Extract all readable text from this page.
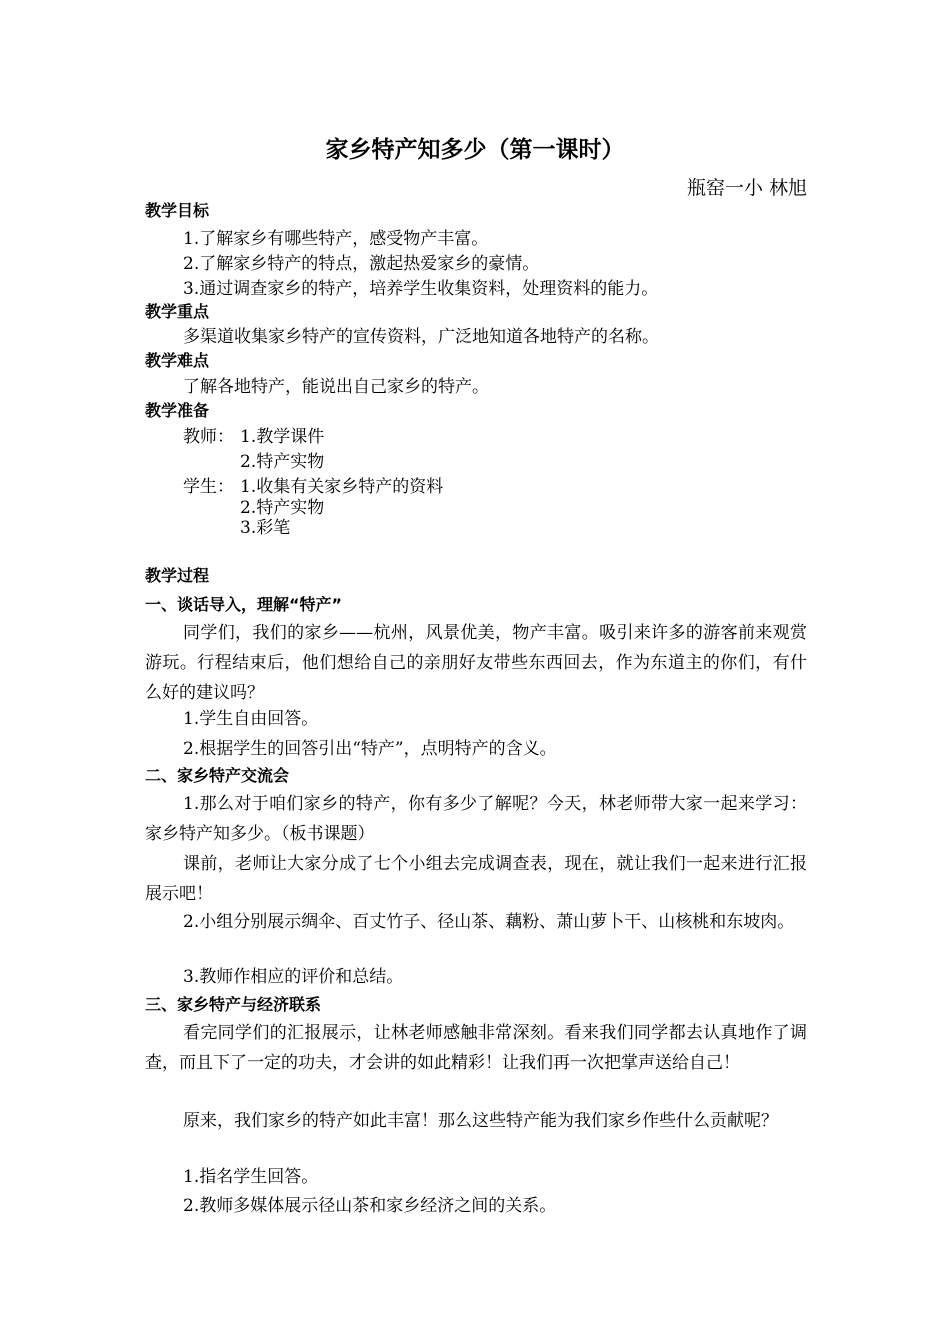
家乡特产知多少（第一课时）
瓶窑一小 林旭
教学目标
1.了解家乡有哪些特产，感受物产丰富。
2.了解家乡特产的特点，激起热爱家乡的豪情。
3.通过调查家乡的特产，培养学生收集资料，处理资料的能力。
教学重点
多渠道收集家乡特产的宣传资料，广泛地知道各地特产的名称。
教学难点
了解各地特产，能说出自己家乡的特产。
教学准备
教师： 1.教学课件
2.特产实物
学生： 1.收集有关家乡特产的资料
2.特产实物
3.彩笔
教学过程
一、谈话导入，理解“特产”
同学们，我们的家乡——杭州，风景优美，物产丰富。吸引来许多的游客前来观赏游玩。行程结束后，他们想给自己的亲朋好友带些东西回去，作为东道主的你们，有什么好的建议吗？
1.学生自由回答。
2.根据学生的回答引出“特产”，点明特产的含义。
二、家乡特产交流会
1.那么对于咱们家乡的特产，你有多少了解呢？今天，林老师带大家一起来学习：家乡特产知多少。（板书课题）
课前，老师让大家分成了七个小组去完成调查表，现在，就让我们一起来进行汇报展示吧！
2.小组分别展示绸伞、百丈竹子、径山茶、藕粉、萧山萝卜干、山核桃和东坡肉。
3.教师作相应的评价和总结。
三、家乡特产与经济联系
看完同学们的汇报展示，让林老师感触非常深刻。看来我们同学都去认真地作了调查，而且下了一定的功夫，才会讲的如此精彩！让我们再一次把掌声送给自己！
原来，我们家乡的特产如此丰富！那么这些特产能为我们家乡作些什么贡献呢？
1.指名学生回答。
2.教师多媒体展示径山茶和家乡经济之间的关系。
